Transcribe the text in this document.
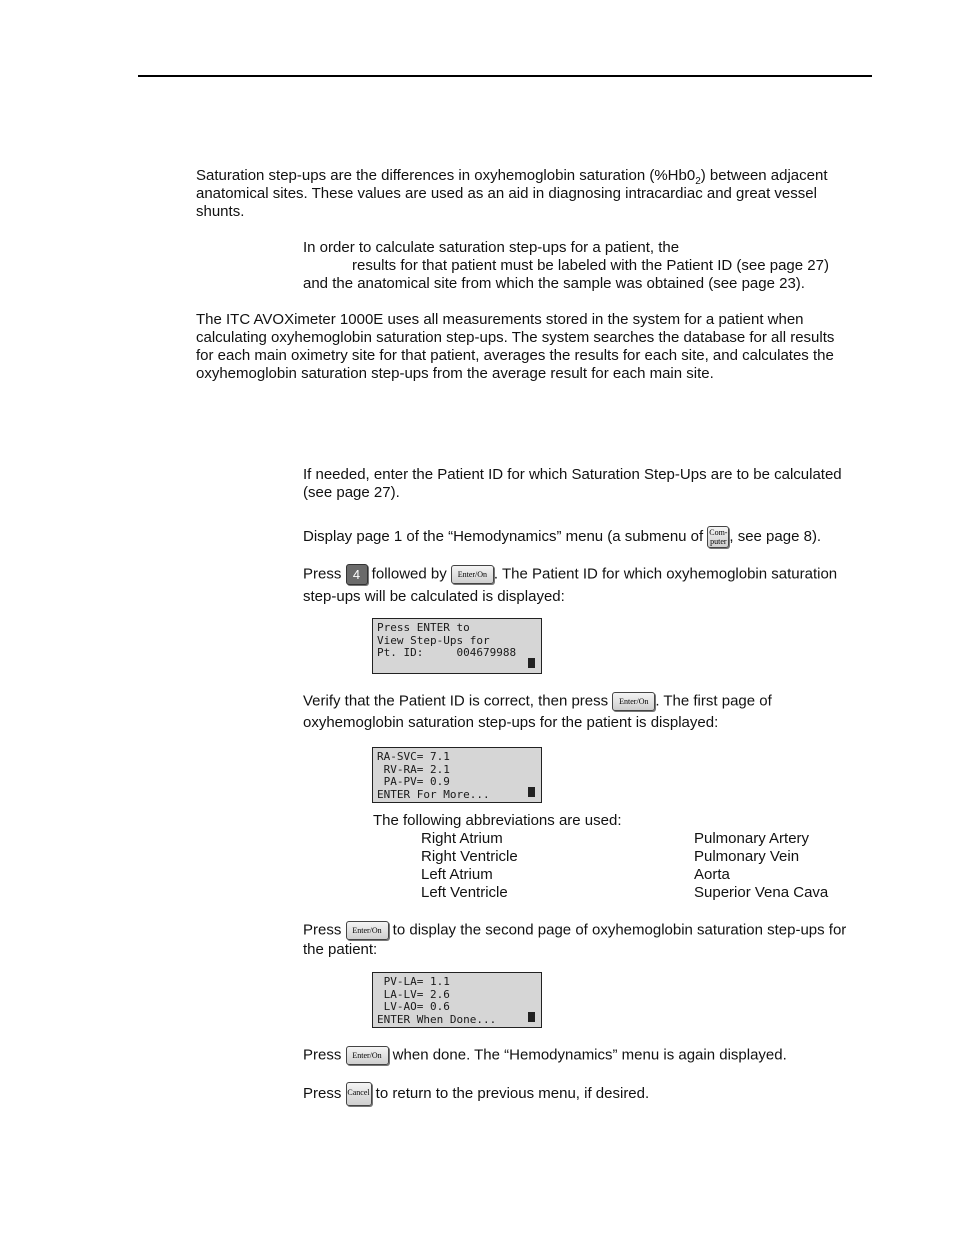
Saturation step-ups are the differences in oxyhemoglobin saturation $(\%Hb0_2)$ between adjacent
anatomical sites. These values are used as an aid in diagnosing intracardiac and great vessel
shunts.
In order to calculate saturation step-ups for a patient, the
results for that patient must be labeled with the Patient ID (see page 27)
and the anatomical site from which the sample was obtained (see page 23).
The ITC AVOXimeter 1000E uses all measurements stored in the system for a patient when
calculating oxyhemoglobin saturation step-ups. The system searches the database for all results
for each main oximetry site for that patient, averages the results for each site, and calculates the
oxyhemoglobin saturation step-ups from the average result for each main site.
If needed, enter the Patient ID for which Saturation Step-Ups are to be calculated
(see page 27).
Display page 1 of the “Hemodynamics” menu (a submenu of Com-
puter , see page 8).
Press 4 followed by Enter/On . The Patient ID for which oxyhemoglobin saturation
step-ups will be calculated is displayed:
Press ENTER to
View Step-Ups for
Pt. ID:     004679988
Verify that the Patient ID is correct, then press Enter/On . The first page of
oxyhemoglobin saturation step-ups for the patient is displayed:
RA-SVC= 7.1
RV-RA= 2.1
PA-PV= 0.9
ENTER For More...
The following abbreviations are used:
Right Atrium
Right Ventricle
Left Atrium
Left Ventricle
Pulmonary Artery
Pulmonary Vein
Aorta
Superior Vena Cava
Press Enter/On to display the second page of oxyhemoglobin saturation step-ups for
the patient:
PV-LA= 1.1
LA-LV= 2.6
LV-AO= 0.6
ENTER When Done...
Press Enter/On when done. The “Hemodynamics” menu is again displayed.
Press Cancel to return to the previous menu, if desired.
